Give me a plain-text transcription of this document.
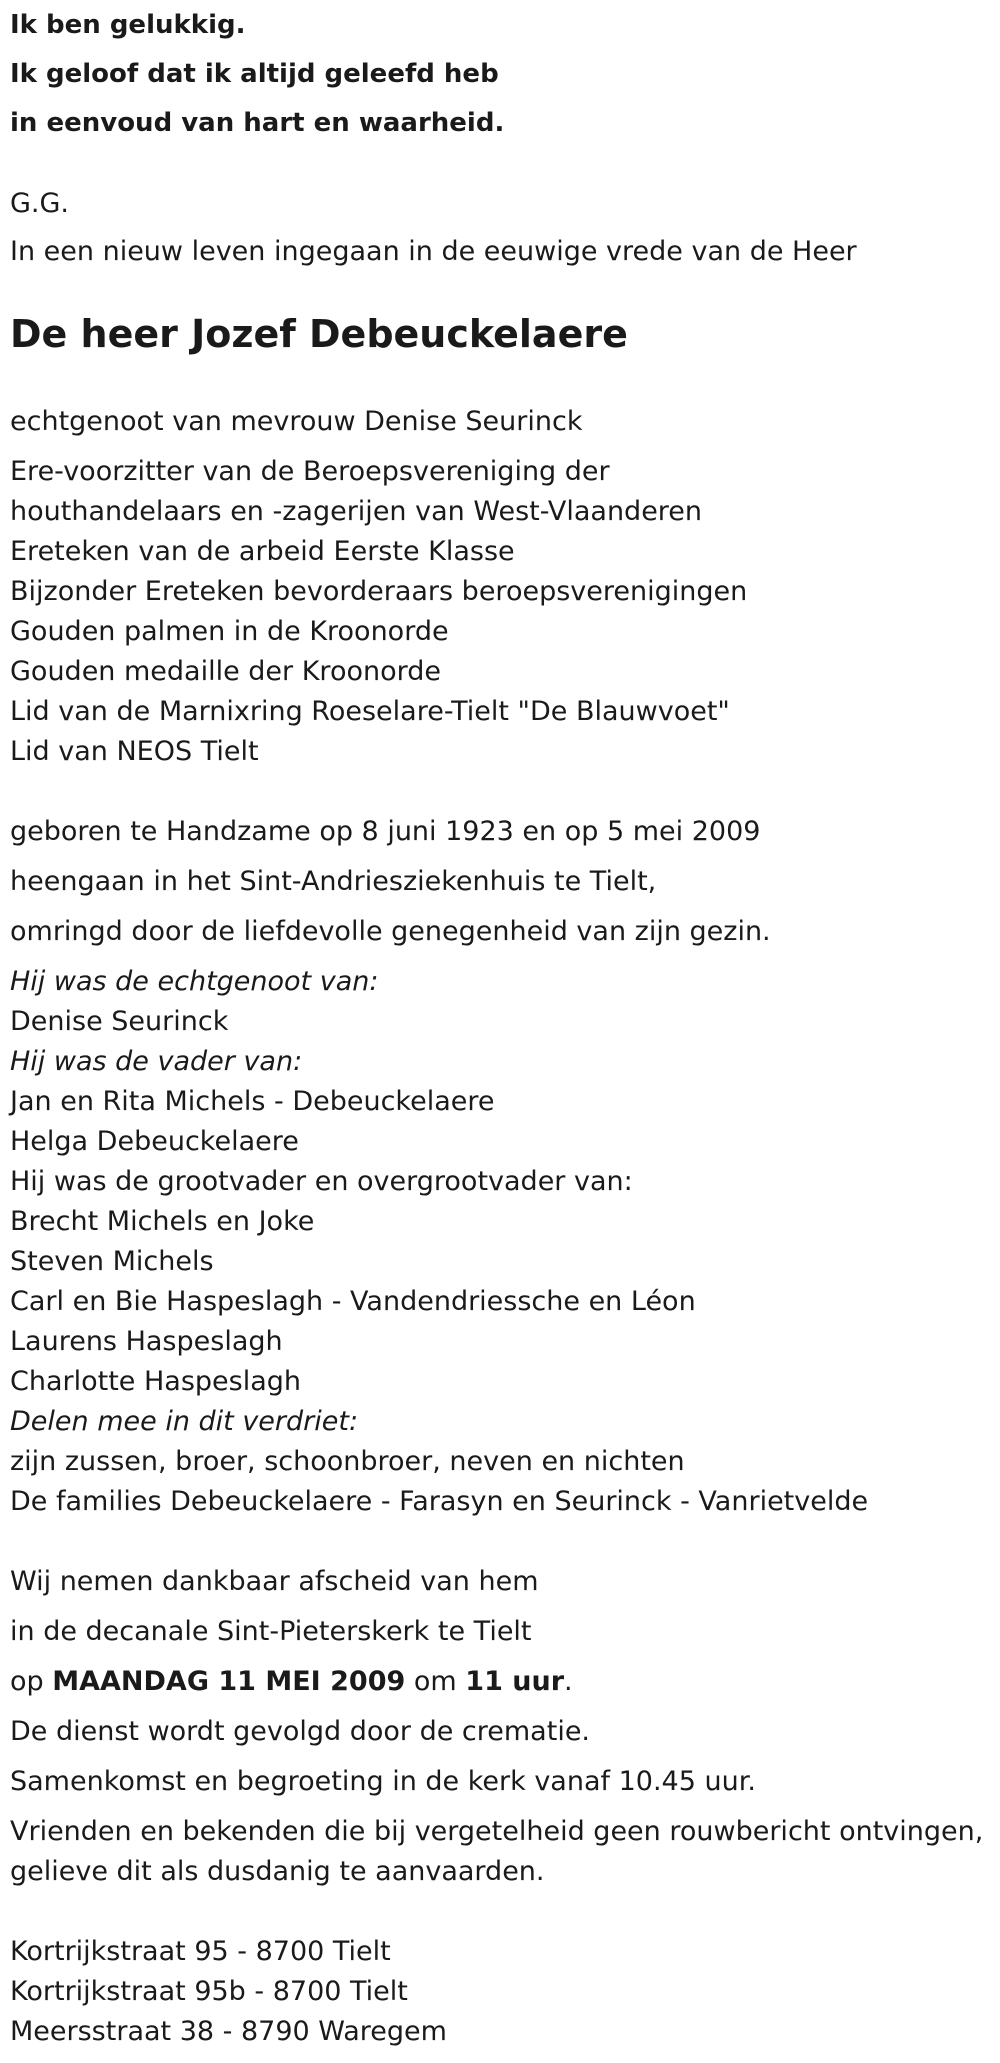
Ik ben gelukkig.

Ik geloof dat ik altijd geleefd heb

in eenvoud van hart en waarheid.

G.G.

In een nieuw leven ingegaan in de eeuwige vrede van de Heer

De heer Jozef Debeuckelaere

echtgenoot van mevrouw Denise Seurinck

Ere-voorzitter van de Beroepsvereniging der

houthandelaars en -zagerijen van West-Vlaanderen

Ereteken van de arbeid Eerste Klasse

Bijzonder Ereteken bevorderaars beroepsverenigingen

Gouden palmen in de Kroonorde

Gouden medaille der Kroonorde

Lid van de Marnixring Roeselare-Tielt "De Blauwvoet"

Lid van NEOS Tielt

geboren te Handzame op 8 juni 1923 en op 5 mei 2009

heengaan in het Sint-Andriesziekenhuis te Tielt,

omringd door de liefdevolle genegenheid van zijn gezin.

Hij was de echtgenoot van:

Denise Seurinck

Hij was de vader van:

Jan en Rita Michels - Debeuckelaere

Helga Debeuckelaere

Hij was de grootvader en overgrootvader van:

Brecht Michels en Joke

Steven Michels

Carl en Bie Haspeslagh - Vandendriessche en Léon

Laurens Haspeslagh

Charlotte Haspeslagh

Delen mee in dit verdriet:

zijn zussen, broer, schoonbroer, neven en nichten

De families Debeuckelaere - Farasyn en Seurinck - Vanrietvelde

Wij nemen dankbaar afscheid van hem

in de decanale Sint-Pieterskerk te Tielt

op MAANDAG 11 MEI 2009 om 11 uur.

De dienst wordt gevolgd door de crematie.

Samenkomst en begroeting in de kerk vanaf 10.45 uur.

Vrienden en bekenden die bij vergetelheid geen rouwbericht ontvingen,

gelieve dit als dusdanig te aanvaarden.

Kortrijkstraat 95 - 8700 Tielt

Kortrijkstraat 95b - 8700 Tielt

Meersstraat 38 - 8790 Waregem
